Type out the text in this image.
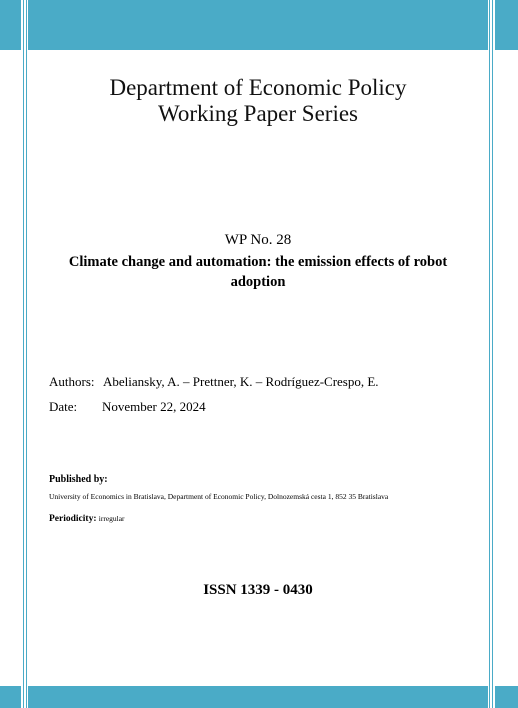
Department of Economic Policy
Working Paper Series
WP No. 28
Climate change and automation: the emission effects of robot
adoption
Authors: Abeliansky, A. – Prettner, K. – Rodríguez-Crespo, E.
Date: November 22, 2024
Published by:
University of Economics in Bratislava, Department of Economic Policy, Dolnozemská cesta 1, 852 35 Bratislava
Periodicity: irregular
ISSN 1339 - 0430
